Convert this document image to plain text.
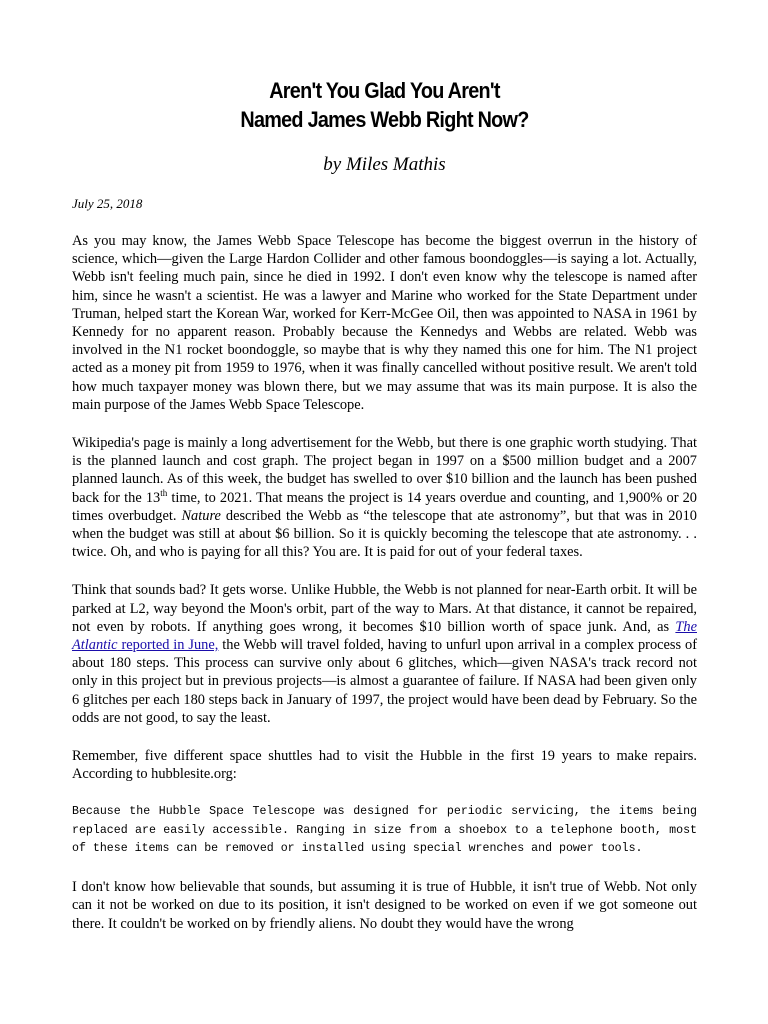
Aren't You Glad You Aren't
Named James Webb Right Now?

by Miles Mathis

July 25, 2018

As you may know, the James Webb Space Telescope has become the biggest overrun in the history of science, which—given the Large Hardon Collider and other famous boondoggles—is saying a lot. Actually, Webb isn't feeling much pain, since he died in 1992. I don't even know why the telescope is named after him, since he wasn't a scientist. He was a lawyer and Marine who worked for the State Department under Truman, helped start the Korean War, worked for Kerr-McGee Oil, then was appointed to NASA in 1961 by Kennedy for no apparent reason. Probably because the Kennedys and Webbs are related. Webb was involved in the N1 rocket boondoggle, so maybe that is why they named this one for him. The N1 project acted as a money pit from 1959 to 1976, when it was finally cancelled without positive result. We aren't told how much taxpayer money was blown there, but we may assume that was its main purpose. It is also the main purpose of the James Webb Space Telescope.

Wikipedia's page is mainly a long advertisement for the Webb, but there is one graphic worth studying. That is the planned launch and cost graph. The project began in 1997 on a $500 million budget and a 2007 planned launch. As of this week, the budget has swelled to over $10 billion and the launch has been pushed back for the 13th time, to 2021. That means the project is 14 years overdue and counting, and 1,900% or 20 times overbudget. Nature described the Webb as “the telescope that ate astronomy”, but that was in 2010 when the budget was still at about $6 billion. So it is quickly becoming the telescope that ate astronomy. . . twice. Oh, and who is paying for all this? You are. It is paid for out of your federal taxes.

Think that sounds bad? It gets worse. Unlike Hubble, the Webb is not planned for near-Earth orbit. It will be parked at L2, way beyond the Moon's orbit, part of the way to Mars. At that distance, it cannot be repaired, not even by robots. If anything goes wrong, it becomes $10 billion worth of space junk. And, as The Atlantic reported in June, the Webb will travel folded, having to unfurl upon arrival in a complex process of about 180 steps. This process can survive only about 6 glitches, which—given NASA's track record not only in this project but in previous projects—is almost a guarantee of failure. If NASA had been given only 6 glitches per each 180 steps back in January of 1997, the project would have been dead by February. So the odds are not good, to say the least.

Remember, five different space shuttles had to visit the Hubble in the first 19 years to make repairs. According to hubblesite.org:

Because the Hubble Space Telescope was designed for periodic servicing, the items being replaced are easily accessible. Ranging in size from a shoebox to a telephone booth, most of these items can be removed or installed using special wrenches and power tools.

I don't know how believable that sounds, but assuming it is true of Hubble, it isn't true of Webb. Not only can it not be worked on due to its position, it isn't designed to be worked on even if we got someone out there. It couldn't be worked on by friendly aliens. No doubt they would have the wrong
